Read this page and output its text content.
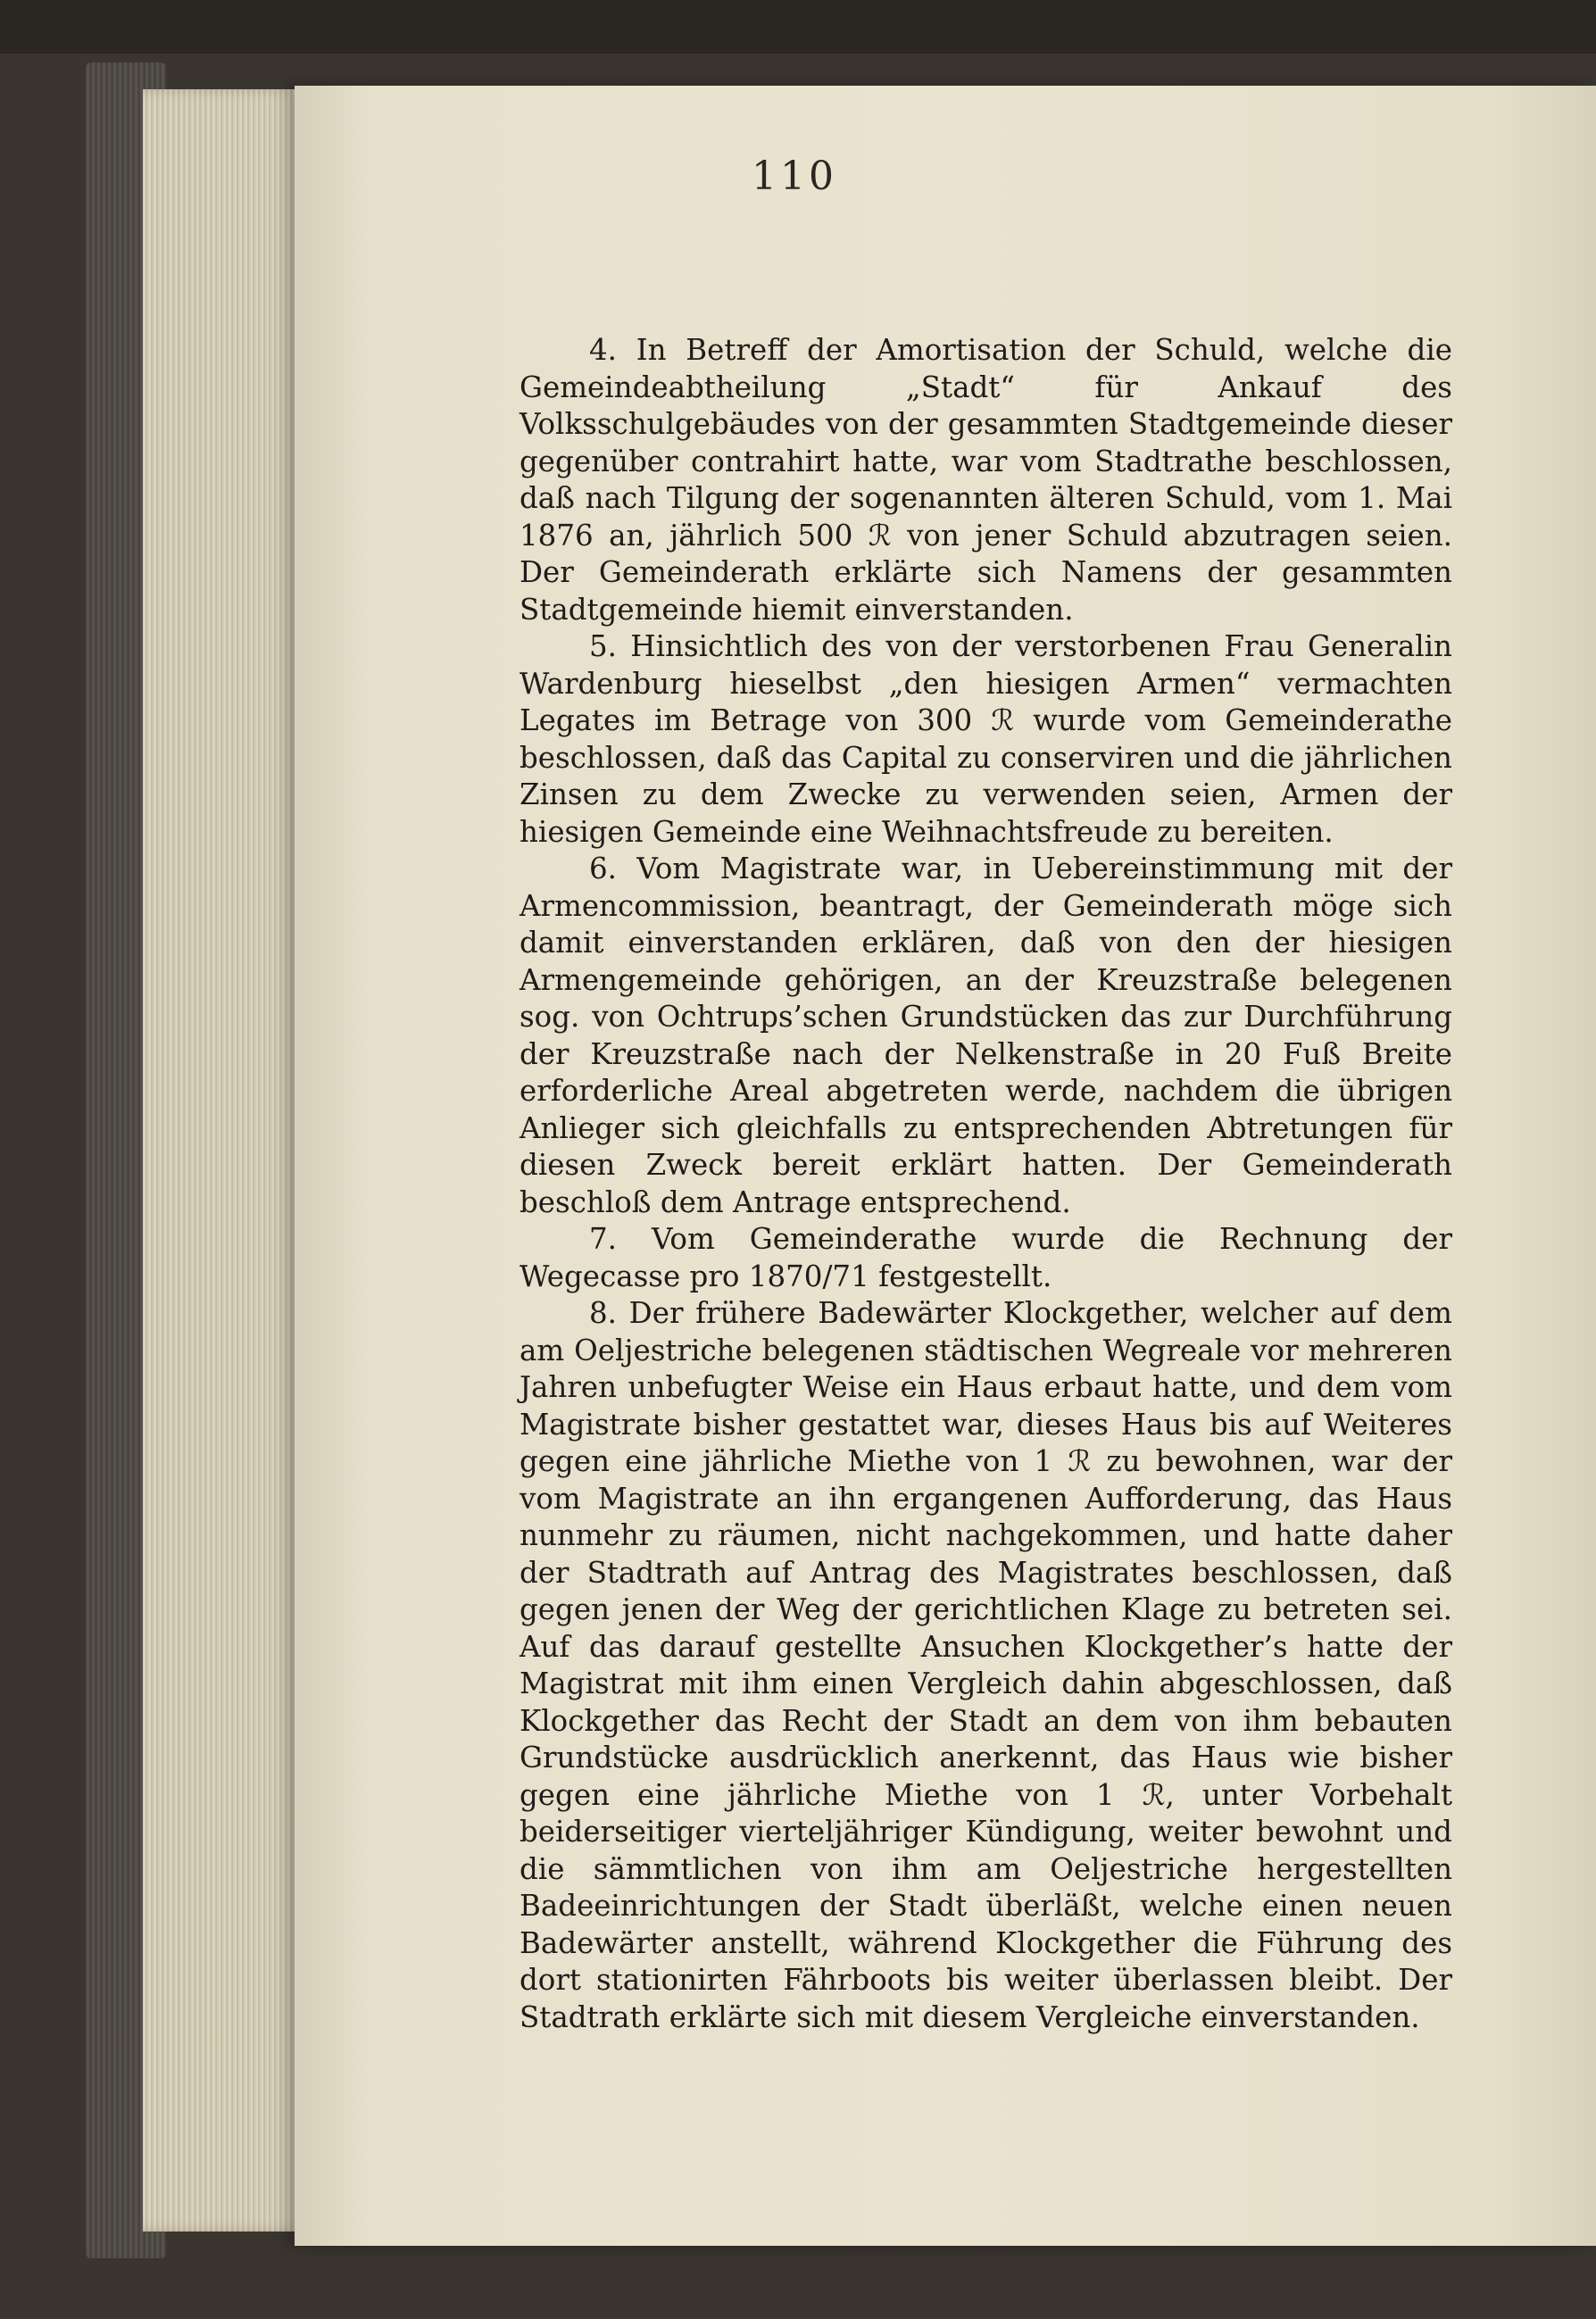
110

4. In Betreff der Amortisation der Schuld, welche die Gemeindeabtheilung „Stadt“ für Ankauf des Volksschulgebäudes von der gesammten Stadtgemeinde dieser gegenüber contrahirt hatte, war vom Stadtrathe beschlossen, daß nach Tilgung der sogenannten älteren Schuld, vom 1. Mai 1876 an, jährlich 500 ℛ von jener Schuld abzutragen seien. Der Gemeinderath erklärte sich Namens der gesammten Stadtgemeinde hiemit einverstanden.

5. Hinsichtlich des von der verstorbenen Frau Generalin Wardenburg hieselbst „den hiesigen Armen“ vermachten Legates im Betrage von 300 ℛ wurde vom Gemeinderathe beschlossen, daß das Capital zu conserviren und die jährlichen Zinsen zu dem Zwecke zu verwenden seien, Armen der hiesigen Gemeinde eine Weihnachtsfreude zu bereiten.

6. Vom Magistrate war, in Uebereinstimmung mit der Armencommission, beantragt, der Gemeinderath möge sich damit einverstanden erklären, daß von den der hiesigen Armengemeinde gehörigen, an der Kreuzstraße belegenen sog. von Ochtrups’schen Grundstücken das zur Durchführung der Kreuzstraße nach der Nelkenstraße in 20 Fuß Breite erforderliche Areal abgetreten werde, nachdem die übrigen Anlieger sich gleichfalls zu entsprechenden Abtretungen für diesen Zweck bereit erklärt hatten. Der Gemeinderath beschloß dem Antrage entsprechend.

7. Vom Gemeinderathe wurde die Rechnung der Wegecasse pro 1870/71 festgestellt.

8. Der frühere Badewärter Klockgether, welcher auf dem am Oeljestriche belegenen städtischen Wegreale vor mehreren Jahren unbefugter Weise ein Haus erbaut hatte, und dem vom Magistrate bisher gestattet war, dieses Haus bis auf Weiteres gegen eine jährliche Miethe von 1 ℛ zu bewohnen, war der vom Magistrate an ihn ergangenen Aufforderung, das Haus nunmehr zu räumen, nicht nachgekommen, und hatte daher der Stadtrath auf Antrag des Magistrates beschlossen, daß gegen jenen der Weg der gerichtlichen Klage zu betreten sei. Auf das darauf gestellte Ansuchen Klockgether’s hatte der Magistrat mit ihm einen Vergleich dahin abgeschlossen, daß Klockgether das Recht der Stadt an dem von ihm bebauten Grundstücke ausdrücklich anerkennt, das Haus wie bisher gegen eine jährliche Miethe von 1 ℛ, unter Vorbehalt beiderseitiger vierteljähriger Kündigung, weiter bewohnt und die sämmtlichen von ihm am Oeljestriche hergestellten Badeeinrichtungen der Stadt überläßt, welche einen neuen Badewärter anstellt, während Klockgether die Führung des dort stationirten Fährboots bis weiter überlassen bleibt. Der Stadtrath erklärte sich mit diesem Vergleiche einverstanden.
